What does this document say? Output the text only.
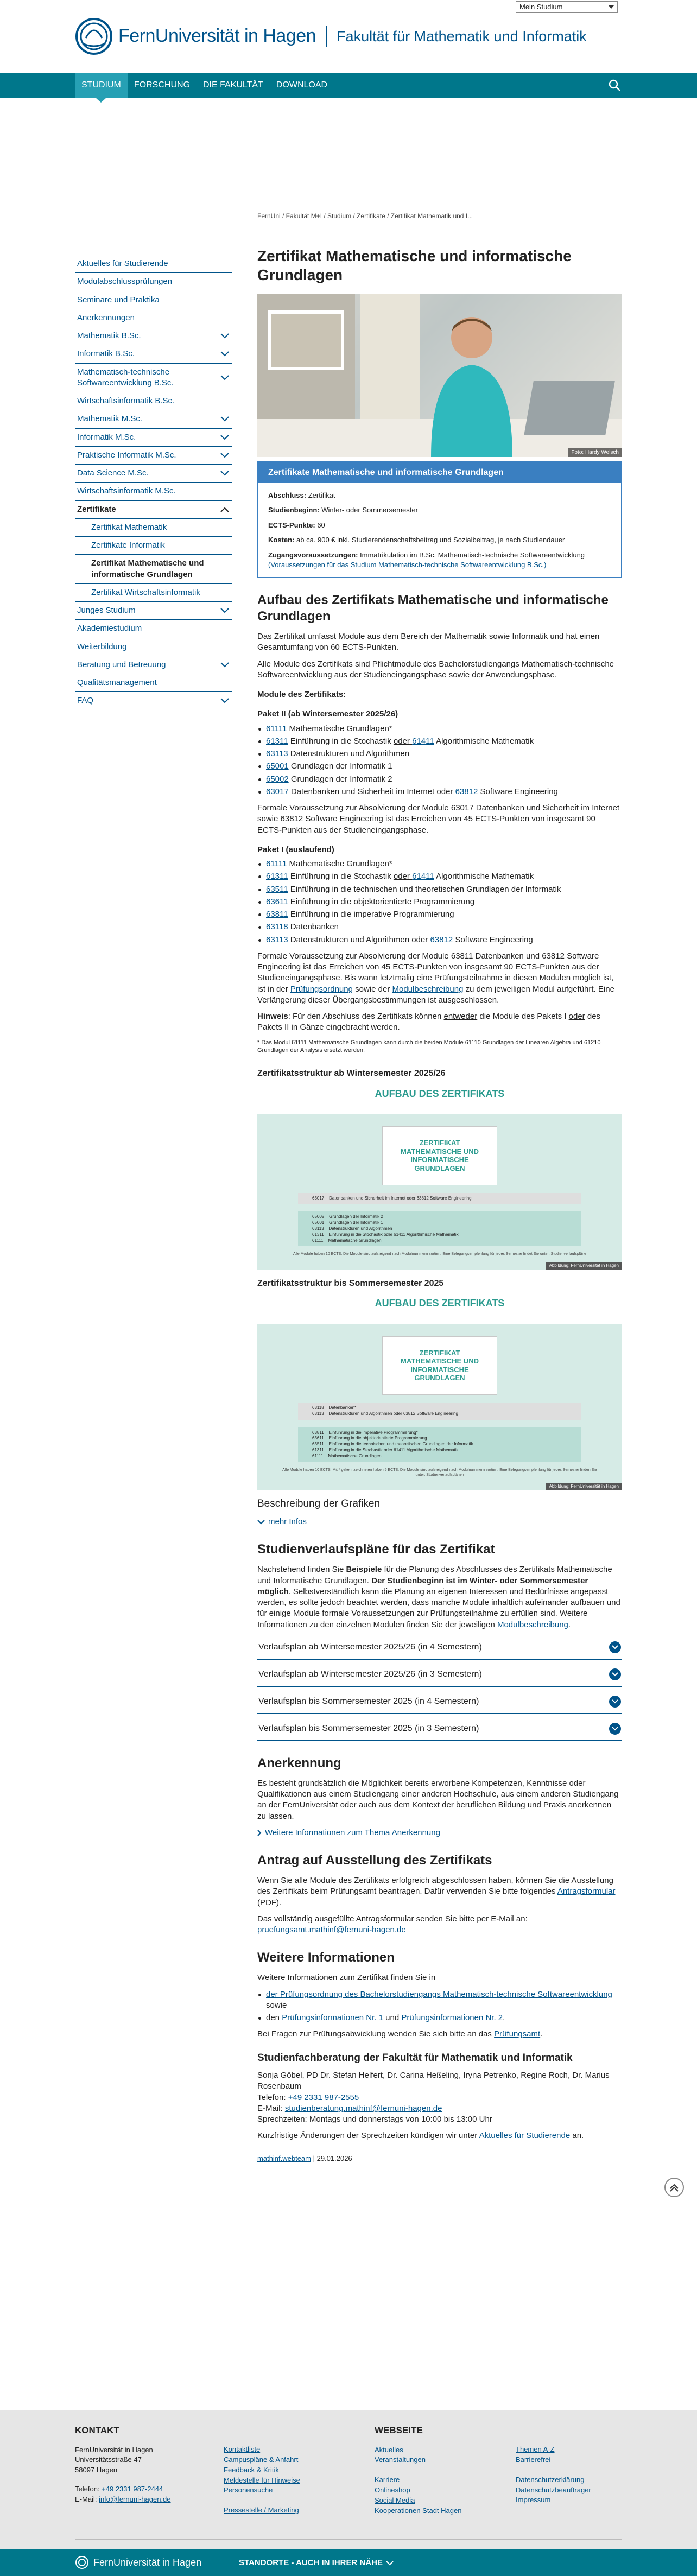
FernUniversität in Hagen Fakultät für Mathematik und Informatik
Mein Studium
STUDIUM	FORSCHUNG	DIE FAKULTÄT	DOWNLOAD
Aktuelles für Studierende
Modulabschlussprüfungen
Seminare und Praktika
Anerkennungen
Mathematik B.Sc.
Informatik B.Sc.
Mathematisch-technische Softwareentwicklung B.Sc.
Wirtschaftsinformatik B.Sc.
Mathematik M.Sc.
Informatik M.Sc.
Praktische Informatik M.Sc.
Data Science M.Sc.
Wirtschaftsinformatik M.Sc.
Zertifikate
Zertifikat Mathematik
Zertifikate Informatik
Zertifikat Mathematische und informatische Grundlagen
Zertifikat Wirtschaftsinformatik
Junges Studium
Akademiestudium
Weiterbildung
Beratung und Betreuung
Qualitätsmanagement
FAQ
FernUni / Fakultät M+I / Studium / Zertifikate / Zertifikat Mathematik und I...
Zertifikat Mathematische und informatische Grundlagen
Foto: Hardy Welsch
Zertifikate Mathematische und informatische Grundlagen

Abschluss: Zertifikat

Studienbeginn: Winter- oder Sommersemester

ECTS-Punkte: 60

Kosten: ab ca. 900 € inkl. Studierendenschaftsbeitrag und Sozialbeitrag, je nach Studiendauer

Zugangsvoraussetzungen: Immatrikulation im B.Sc. Mathematisch-technische Softwareentwicklung
(Voraussetzungen für das Studium Mathematisch-technische Softwareentwicklung B.Sc.)

Aufbau des Zertifikats Mathematische und informatische Grundlagen

Das Zertifikat umfasst Module aus dem Bereich der Mathematik sowie Informatik und hat einen Gesamtumfang von 60 ECTS-Punkten.

Alle Module des Zertifikats sind Pflichtmodule des Bachelorstudiengangs Mathematisch-technische Softwareentwicklung aus der Studieneingangsphase sowie der Anwendungsphase.

Module des Zertifikats:
Paket II (ab Wintersemester 2025/26)
61111 Mathematische Grundlagen*
61311 Einführung in die Stochastik oder 61411 Algorithmische Mathematik
63113 Datenstrukturen und Algorithmen
65001 Grundlagen der Informatik 1
65002 Grundlagen der Informatik 2
63017 Datenbanken und Sicherheit im Internet oder 63812 Software Engineering

Formale Voraussetzung zur Absolvierung der Module 63017 Datenbanken und Sicherheit im Internet sowie 63812 Software Engineering ist das Erreichen von 45 ECTS-Punkten von insgesamt 90 ECTS-Punkten aus der Studieneingangsphase.

Paket I (auslaufend)
61111 Mathematische Grundlagen*
61311 Einführung in die Stochastik oder 61411 Algorithmische Mathematik
63511 Einführung in die technischen und theoretischen Grundlagen der Informatik
63611 Einführung in die objektorientierte Programmierung
63811 Einführung in die imperative Programmierung
63118 Datenbanken
63113 Datenstrukturen und Algorithmen oder 63812 Software Engineering

Formale Voraussetzung zur Absolvierung der Module 63811 Datenbanken und 63812 Software Engineering ist das Erreichen von 45 ECTS-Punkten von insgesamt 90 ECTS-Punkten aus der Studieneingangsphase. Bis wann letztmalig eine Prüfungsteilnahme in diesen Modulen möglich ist, ist in der Prüfungsordnung sowie der Modulbeschreibung zu dem jeweiligen Modul aufgeführt. Eine Verlängerung dieser Übergangsbestimmungen ist ausgeschlossen.

Hinweis: Für den Abschluss des Zertifikats können entweder die Module des Pakets I oder des Pakets II in Gänze eingebracht werden.

* Das Modul 61111 Mathematische Grundlagen kann durch die beiden Module 61110 Grundlagen der Linearen Algebra und 61210 Grundlagen der Analysis ersetzt werden.

Zertifikatsstruktur ab Wintersemester 2025/26
AUFBAU DES ZERTIFIKATS
ZERTIFIKAT MATHEMATISCHE UND INFORMATISCHE GRUNDLAGEN
63017    Datenbanken und Sicherheit im Internet oder 63812 Software Engineering
65002    Grundlagen der Informatik 2
65001    Grundlagen der Informatik 1
63113    Datenstrukturen und Algorithmen
61311    Einführung in die Stochastik oder 61411 Algorithmische Mathematik
61111    Mathematische Grundlagen
Alle Module haben 10 ECTS. Die Module sind aufsteigend nach Modulnummern sortiert. Eine Belegungsempfehlung für jedes Semester findet Sie unter: Studienverlaufspläne
Abbildung: FernUniversität in Hagen
Zertifikatsstruktur bis Sommersemester 2025
AUFBAU DES ZERTIFIKATS
ZERTIFIKAT MATHEMATISCHE UND INFORMATISCHE GRUNDLAGEN
63118    Datenbanken*
63113    Datenstrukturen und Algorithmen oder 63812 Software Engineering
63811    Einführung in die imperative Programmierung*
63611    Einführung in die objektorientierte Programmierung
63511    Einführung in die technischen und theoretischen Grundlagen der Informatik
61311    Einführung in die Stochastik oder 61411 Algorithmische Mathematik
61111    Mathematische Grundlagen
Alle Module haben 10 ECTS. Mit * gekennzeichneten haben 5 ECTS. Die Module sind aufsteigend nach Modulnummern sortiert. Eine Belegungsempfehlung für jedes Semester finden Sie unter: Studienverlaufsplänen
Abbildung: FernUniversität in Hagen
Beschreibung der Grafiken
mehr Infos
Studienverlaufspläne für das Zertifikat

Nachstehend finden Sie Beispiele für die Planung des Abschlusses des Zertifikats Mathematische und Informatische Grundlagen. Der Studienbeginn ist im Winter- oder Sommersemester möglich. Selbstverständlich kann die Planung an eigenen Interessen und Bedürfnisse angepasst werden, es sollte jedoch beachtet werden, dass manche Module inhaltlich aufeinander aufbauen und für einige Module formale Voraussetzungen zur Prüfungsteilnahme zu erfüllen sind. Weitere Informationen zu den einzelnen Modulen finden Sie der jeweiligen Modulbeschreibung.

Verlaufsplan ab Wintersemester 2025/26 (in 4 Semestern)
Verlaufsplan ab Wintersemester 2025/26 (in 3 Semestern)
Verlaufsplan bis Sommersemester 2025 (in 4 Semestern)
Verlaufsplan bis Sommersemester 2025 (in 3 Semestern)
Anerkennung

Es besteht grundsätzlich die Möglichkeit bereits erworbene Kompetenzen, Kenntnisse oder Qualifikationen aus einem Studiengang einer anderen Hochschule, aus einem anderen Studiengang an der FernUniversität oder auch aus dem Kontext der beruflichen Bildung und Praxis anerkennen zu lassen.

Weitere Informationen zum Thema Anerkennung
Antrag auf Ausstellung des Zertifikats

Wenn Sie alle Module des Zertifikats erfolgreich abgeschlossen haben, können Sie die Ausstellung des Zertifikats beim Prüfungsamt beantragen. Dafür verwenden Sie bitte folgendes Antragsformular (PDF).

Das vollständig ausgefüllte Antragsformular senden Sie bitte per E-Mail an:
pruefungsamt.mathinf@fernuni-hagen.de

Weitere Informationen

Weitere Informationen zum Zertifikat finden Sie in

der Prüfungsordnung des Bachelorstudiengangs Mathematisch-technische Softwareentwicklung sowie
den Prüfungsinformationen Nr. 1 und Prüfungsinformationen Nr. 2.

Bei Fragen zur Prüfungsabwicklung wenden Sie sich bitte an das Prüfungsamt.

Studienfachberatung der Fakultät für Mathematik und Informatik

Sonja Göbel, PD Dr. Stefan Helfert, Dr. Carina Heßeling, Iryna Petrenko, Regine Roch, Dr. Marius Rosenbaum
Telefon: +49 2331 987-2555
E-Mail: studienberatung.mathinf@fernuni-hagen.de
Sprechzeiten: Montags und donnerstags von 10:00 bis 13:00 Uhr

Kurzfristige Änderungen der Sprechzeiten kündigen wir unter Aktuelles für Studierende an.

mathinf.webteam | 29.01.2026

KONTAKT
FernUniversität in Hagen
Universitätsstraße 47
58097 Hagen
Telefon: +49 2331 987-2444
E-Mail: info@fernuni-hagen.de
Kontaktliste
Campuspläne & Anfahrt
Feedback & Kritik
Meldestelle für Hinweise
Personensuche
Pressestelle / Marketing
WEBSEITE
Aktuelles
Veranstaltungen
Karriere
Onlineshop
Social Media
Kooperationen Stadt Hagen
Themen A-Z
Barrierefrei
Datenschutzerklärung
Datenschutzbeauftrager
Impressum
FernUniversität in Hagen	STANDORTE - AUCH IN IHRER NÄHE
